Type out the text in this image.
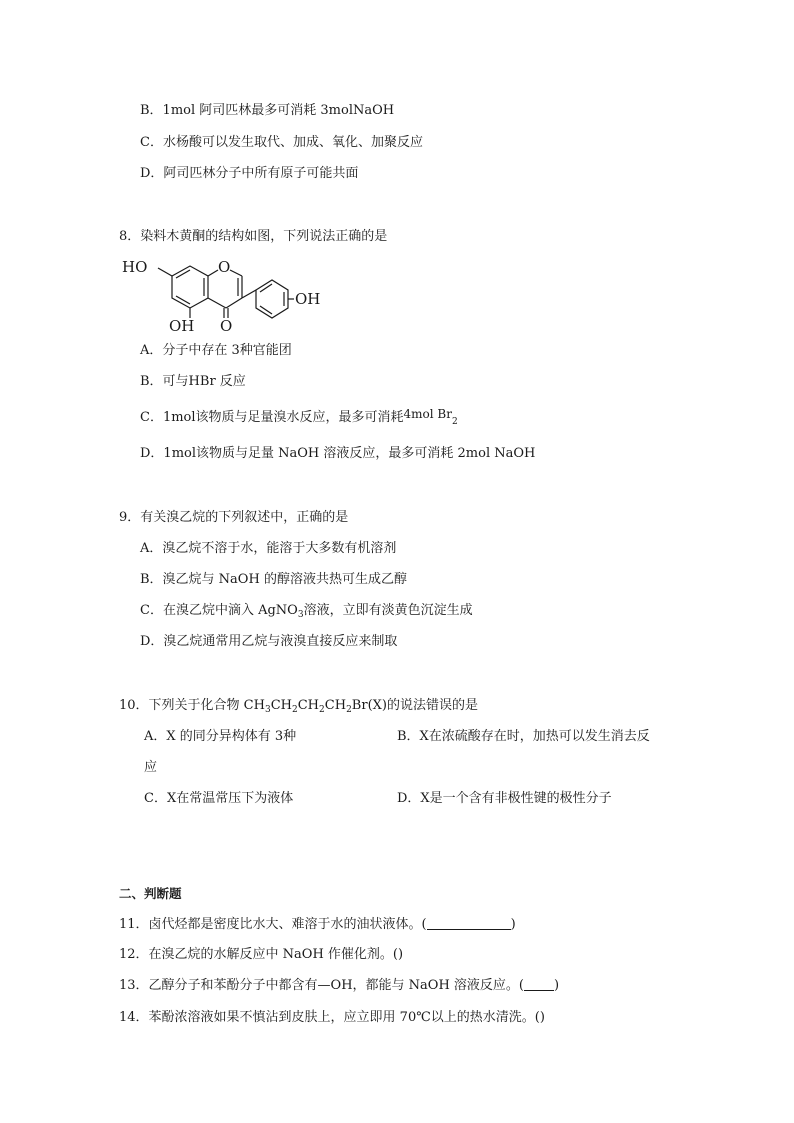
B．1mol 阿司匹林最多可消耗 3molNaOH
C．水杨酸可以发生取代、加成、氧化、加聚反应
D．阿司匹林分子中所有原子可能共面
8．染料木黄酮的结构如图，下列说法正确的是
HO	O
OH O
OH
A．分子中存在 3种官能团
B．可与HBr 反应
C．1mol该物质与足量溴水反应，最多可消耗4mol $Br_2$
D．1mol该物质与足量 NaOH 溶液反应，最多可消耗 2mol NaOH
9．有关溴乙烷的下列叙述中，正确的是
A．溴乙烷不溶于水，能溶于大多数有机溶剂
B．溴乙烷与 NaOH 的醇溶液共热可生成乙醇
C．在溴乙烷中滴入 AgNO$_3$溶液，立即有淡黄色沉淀生成
D．溴乙烷通常用乙烷与液溴直接反应来制取
10．下列关于化合物 $CH_3CH_2CH_2CH_2Br(X)$的说法错误的是
A．X 的同分异构体有 3种	B．X在浓硫酸存在时，加热可以发生消去反
应
C．X在常温常压下为液体	D．X是一个含有非极性键的极性分子
二、判断题
11．卤代烃都是密度比水大、难溶于水的油状液体。(	)
12．在溴乙烷的水解反应中 NaOH 作催化剂。()
13．乙醇分子和苯酚分子中都含有—OH，都能与 NaOH 溶液反应。( )
14．苯酚浓溶液如果不慎沾到皮肤上，应立即用 70℃以上的热水清洗。()
